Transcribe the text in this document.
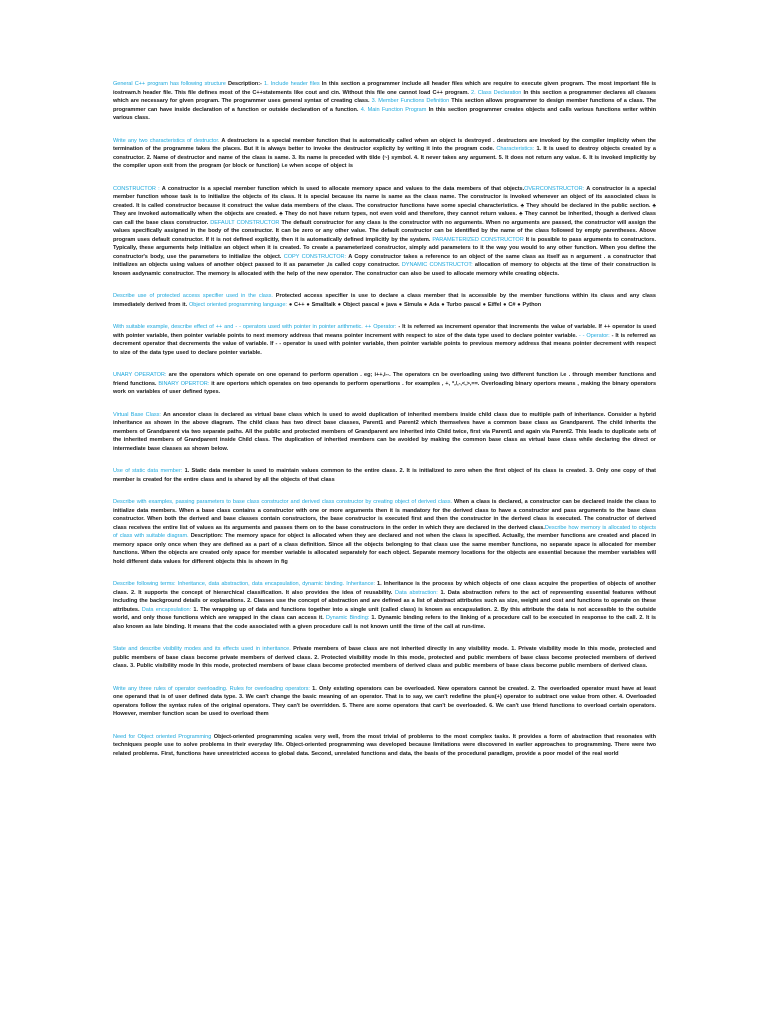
General C++ program has following structure Description:- 1. Include header files In this section a programmer include all header files which are require to execute given program. The most important file is iostream.h header file. This file defines most of the C++statements like cout and cin. Without this file one cannot load C++ program. 2. Class Declaration In this section a programmer declares all classes which are necessary for given program. The programmer uses general syntax of creating class. 3. Member Functions Definition This section allows programmer to design member functions of a class. The programmer can have inside declaration of a function or outside declaration of a function. 4. Main Function Program In this section programmer creates objects and calls various functions writer within various class.

Write any two characteristics of destructor. A destructors is a special member function that is automatically called when an object is destroyed . destructors are invoked by the compiler implicity when the termination of the programme takes the places. But it is always better to invoke the destructor explicity by writing it into the program code. Characteristics: 1. It is used to destroy objects created by a constructor. 2. Name of destructor and name of the class is same. 3. Its name is preceded with tilde (~) symbol. 4. It never takes any argument. 5. It does not return any value. 6. It is invoked implicitly by the compiler upon exit from the program (or block or function) i.e when scope of object is

CONSTRUCTOR : A constructor is a special member function which is used to allocate memory space and values to the data members of that objects.OVERCONSTRUCTOR: A constructor is a special member function whose task is to initialize the objects of its class. It is special because its name is same as the class name. The constructor is invoked whenever an object of its associated class is created. It is called constructor because it construct the value data members of the class. The constructor functions have some special characteristics. ♣ They should be declared in the public section. ♣ They are invoked automatically when the objects are created. ♣ They do not have return types, not even void and therefore, they cannot return values. ♣ They cannot be inherited, though a derived class can call the base class constructor. DEFAULT CONSTRUCTOR The default constructor for any class is the constructor with no arguments. When no arguments are passed, the constructor will assign the values specifically assigned in the body of the constructor. It can be zero or any other value. The default constructor can be identified by the name of the class followed by empty parentheses. Above program uses default constructor. If it is not defined explicitly, then it is automatically defined implicitly by the system. PARAMETERIZED CONSTRUCTOR It is possible to pass arguments to constructors. Typically, these arguments help initialize an object when it is created. To create a parameterized constructor, simply add parameters to it the way you would to any other function. When you define the constructor's body, use the parameters to initialize the object. COPY CONSTRUCTOR: A Copy constructor takes a reference to an object of the same class as itself as n argument . a constructor that initializes an objects using values of another object passed to it as parameter ,is called copy constructor. DYNAMIC CONSTRUCTOT: allocation of memory to objects at the time of their construction is known asdynamic constructor. The memory is allocated with the help of the new operator. The constructor can also be used to allocate memory while creating objects.

Describe use of protected access specifier used in the class. Protected access specifier is use to declare a class member that is accessible by the member functions within its class and any class immediately derived from it. Object oriented programming language: ● C++ ● Smalltalk ● Object pascal ● java ● Simula ● Ada ● Turbo pascal ● Eiffel ● C# ● Python

With suitable example, describe effect of ++ and - - operators used with pointer in pointer arithmetic. ++ Operator: - It is referred as increment operator that increments the value of variable. If ++ operator is used with pointer variable, then pointer variable points to next memory address that means pointer increment with respect to size of the data type used to declare pointer variable. - - Operator: - It is referred as decrement operator that decrements the value of variable. If - - operator is used with pointer variable, then pointer variable points to previous memory address that means pointer decrement with respect to size of the data type used to declare pointer variable.

UNARY OPERATOR: are the operators which operate on one operand to perform operation . eg; i++,i--. The operators cn be overloading using two different function i.e . through member functions and friend functions. BINARY OPERTOR: it are opertors which operates on two operands to perform operartions . for examples , +, *,/,-,<,>,==. Overloading binary opertors means , making the binary operators work on variables of user defined types.

Virtual Base Class: An ancestor class is declared as virtual base class which is used to avoid duplication of inherited members inside child class due to multiple path of inheritance. Consider a hybrid inheritance as shown in the above diagram. The child class has two direct base classes, Parent1 and Parent2 which themselves have a common base class as Grandparent. The child inherits the members of Grandparent via two separate paths. All the public and protected members of Grandparent are inherited into Child twice, first via Parent1 and again via Parent2. This leads to duplicate sets of the inherited members of Grandparent inside Child class. The duplication of inherited members can be avoided by making the common base class as virtual base class while declaring the direct or intermediate base classes as shown below.

Use of static data member: 1. Static data member is used to maintain values common to the entire class. 2. It is initialized to zero when the first object of its class is created. 3. Only one copy of that member is created for the entire class and is shared by all the objects of that class

Describe with examples, passing parameters to base class constructor and derived class constructor by creating object of derived class. When a class is declared, a constructor can be declared inside the class to initialize data members. When a base class contains a constructor with one or more arguments then it is mandatory for the derived class to have a constructor and pass arguments to the base class constructor. When both the derived and base classes contain constructors, the base constructor is executed first and then the constructor in the derived class is executed. The constructor of derived class receives the entire list of values as its arguments and passes them on to the base constructors in the order in which they are declared in the derived class.Describe how memory is allocated to objects of class with suitable diagram. Description: The memory space for object is allocated when they are declared and not when the class is specified. Actually, the member functions are created and placed in memory space only once when they are defined as a part of a class definition. Since all the objects belonging to that class use the same member functions, no separate space is allocated for member functions. When the objects are created only space for member variable is allocated separately for each object. Separate memory locations for the objects are essential because the member variables will hold different data values for different objects this is shown in fig

Describe following terms: Inheritance, data abstraction, data encapsulation, dynamic binding. Inheritance: 1. Inheritance is the process by which objects of one class acquire the properties of objects of another class. 2. It supports the concept of hierarchical classification. It also provides the idea of reusability. Data abstraction: 1. Data abstraction refers to the act of representing essential features without including the background details or explanations. 2. Classes use the concept of abstraction and are defined as a list of abstract attributes such as size, weight and cost and functions to operate on these attributes. Data encapsulation: 1. The wrapping up of data and functions together into a single unit (called class) is known as encapsulation. 2. By this attribute the data is not accessible to the outside world, and only those functions which are wrapped in the class can access it. Dynamic Binding: 1. Dynamic binding refers to the linking of a procedure call to be executed in response to the call. 2. It is also known as late binding. It means that the code associated with a given procedure call is not known until the time of the call at run-time.

State and describe visibility modes and its effects used in inheritance. Private members of base class are not inherited directly in any visibility mode. 1. Private visibility mode In this mode, protected and public members of base class become private members of derived class. 2. Protected visibility mode In this mode, protected and public members of base class become protected members of derived class. 3. Public visibility mode In this mode, protected members of base class become protected members of derived class and public members of base class become public members of derived class.

Write any three rules of operator overloading. Rules for overloading operators: 1. Only existing operators can be overloaded. New operators cannot be created. 2. The overloaded operator must have at least one operand that is of user defined data type. 3. We can't change the basic meaning of an operator. That is to say, we can't redefine the plus(+) operator to subtract one value from other. 4. Overloaded operators follow the syntax rules of the original operators. They can't be overridden. 5. There are some operators that can't be overloaded. 6. We can't use friend functions to overload certain operators. However, member function scan be used to overload them

Need for Object oriented Programming Object-oriented programming scales very well, from the most trivial of problems to the most complex tasks. It provides a form of abstraction that resonates with techniques people use to solve problems in their everyday life. Object-oriented programming was developed because limitations were discovered in earlier approaches to programming. There were two related problems. First, functions have unrestricted access to global data. Second, unrelated functions and data, the basis of the procedural paradigm, provide a poor model of the real world
